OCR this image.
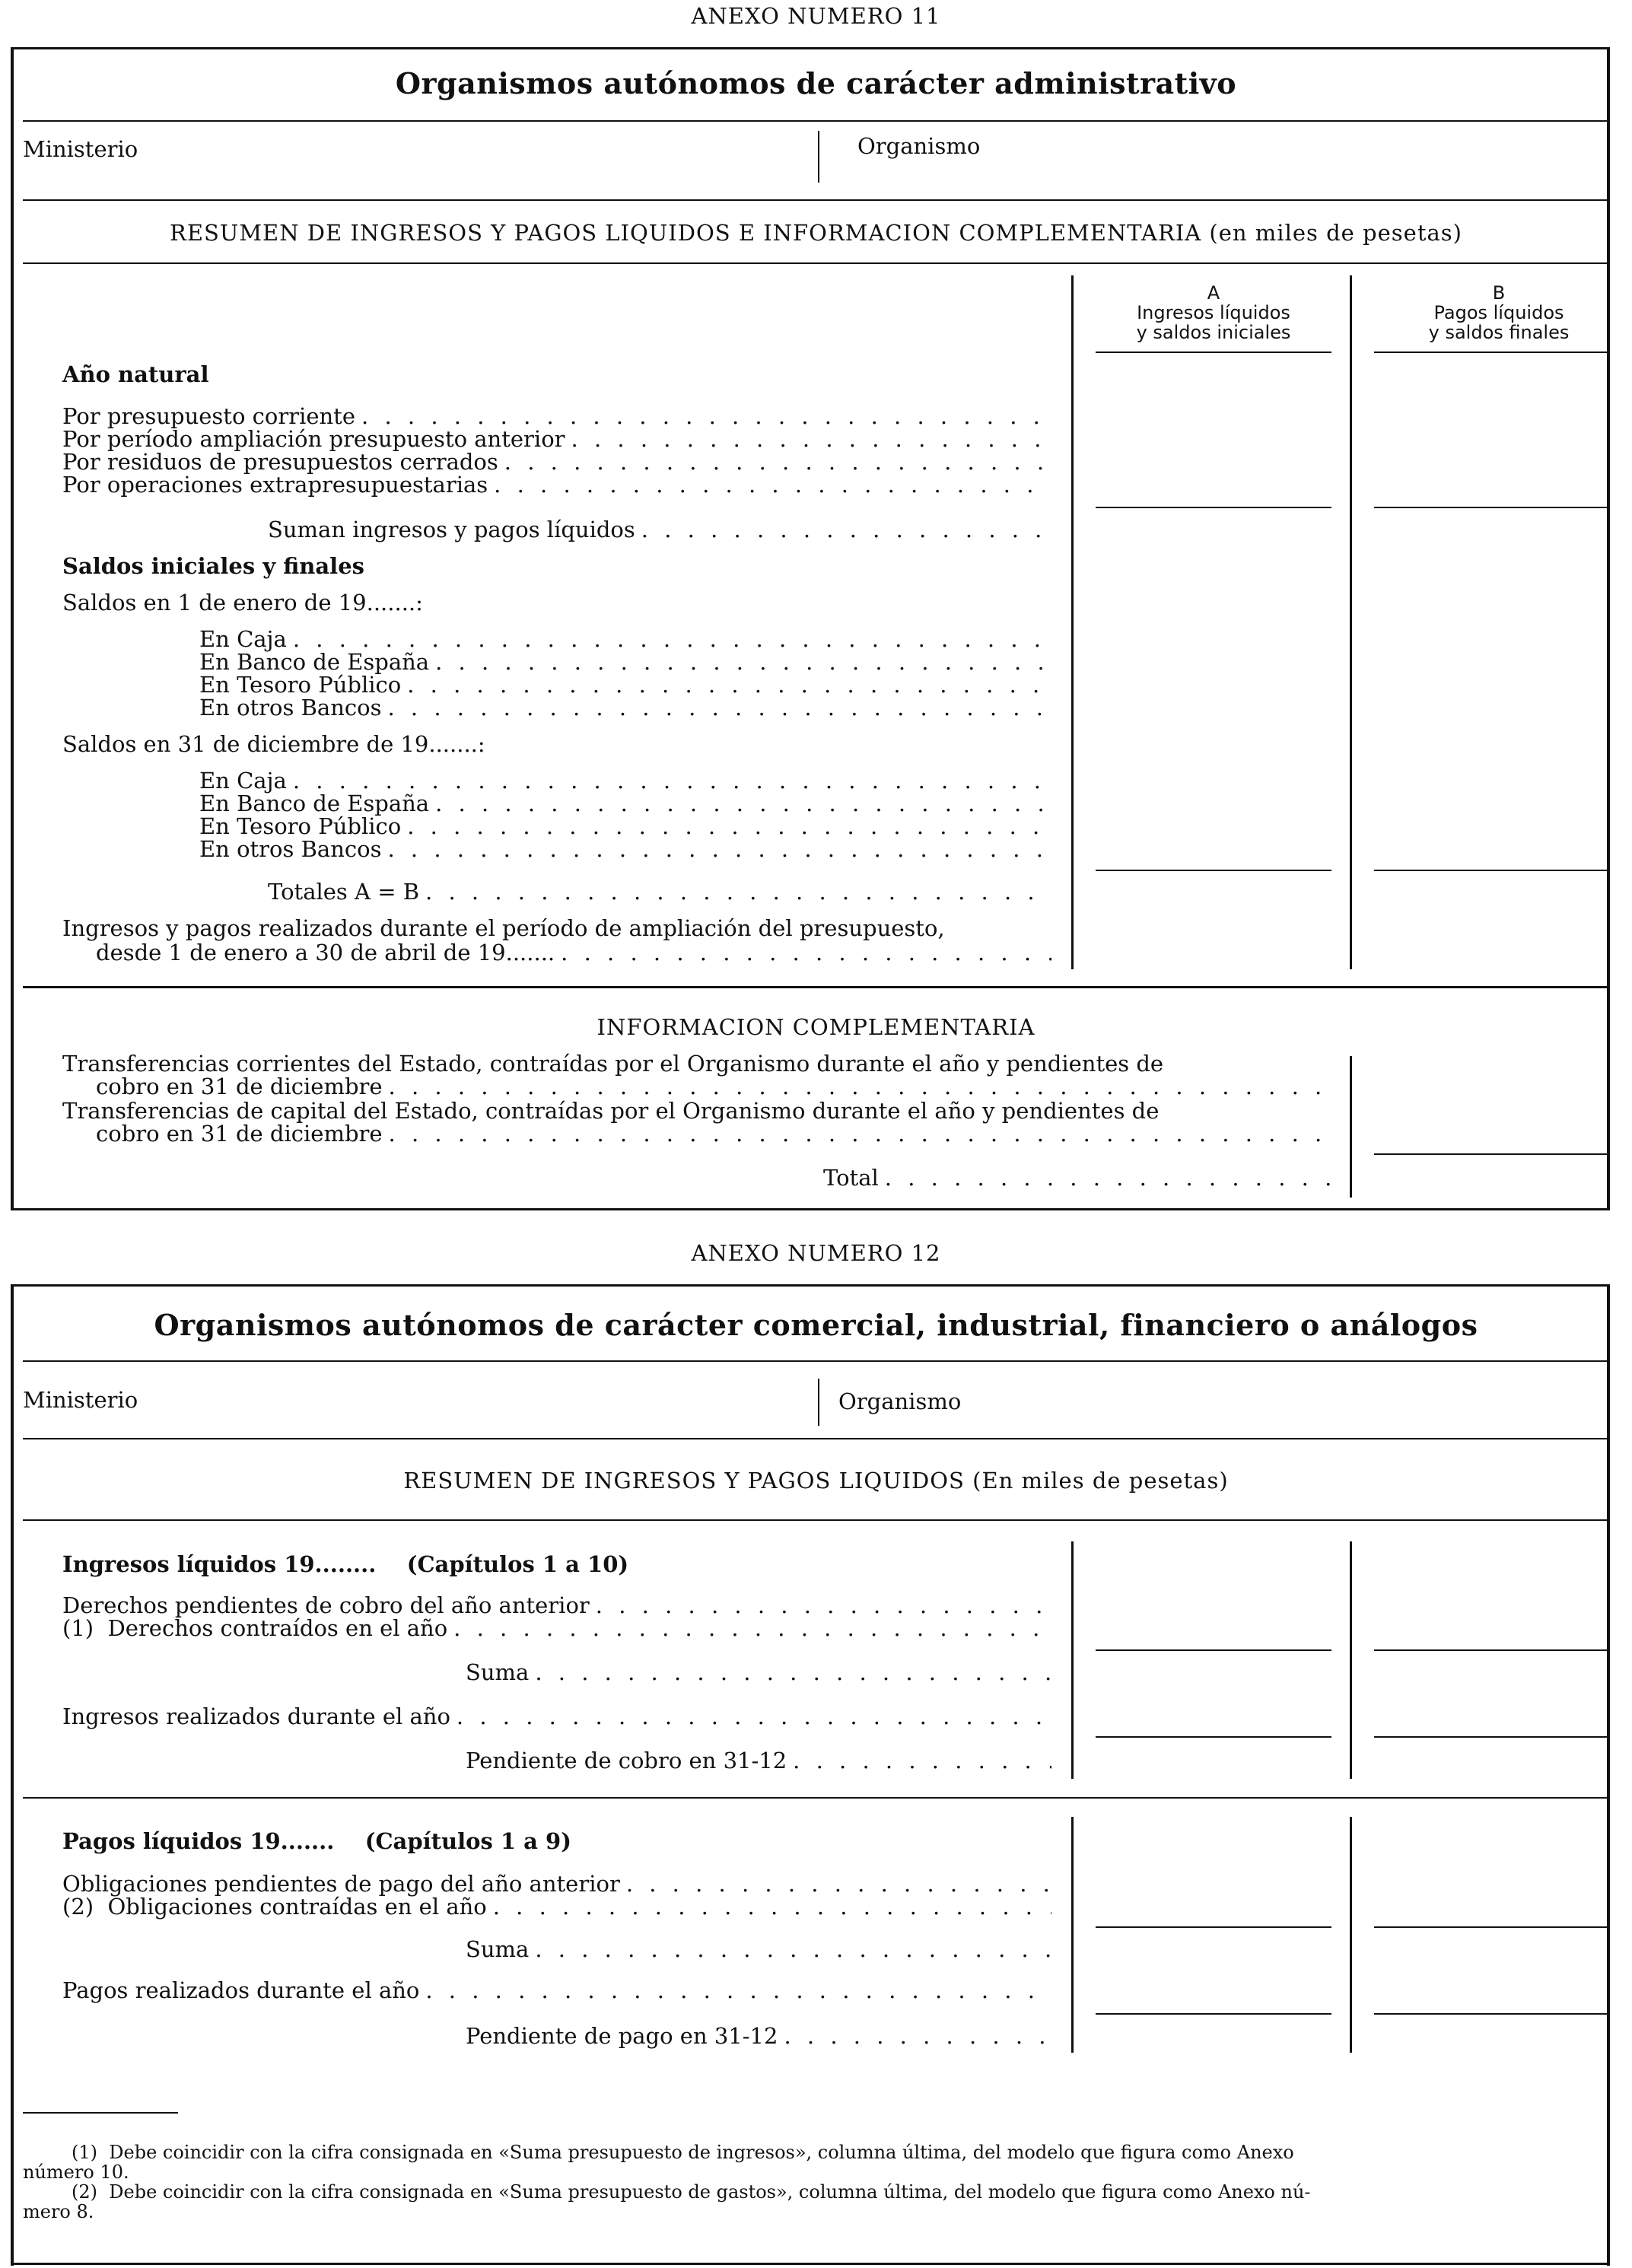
ANEXO NUMERO 11
Organismos autónomos de carácter administrativo
Ministerio	Organismo
RESUMEN DE INGRESOS Y PAGOS LIQUIDOS E INFORMACION COMPLEMENTARIA (en miles de pesetas)
A
Ingresos líquidos
y saldos iniciales
B
Pagos líquidos
y saldos finales
Año natural
Por presupuesto corriente
. . .
Por período ampliación presupuesto anterior
. . .
Por residuos de presupuestos cerrados
. . .
Por operaciones extrapresupuestarias
. . .
Suman ingresos y pagos líquidos
. . .
Saldos iniciales y finales
Saldos en 1 de enero de 19.......:
En Caja
. . .
En Banco de España
. . .
En Tesoro Público
. . .
En otros Bancos
. . .
Saldos en 31 de diciembre de 19.......:
En Caja
. . .
En Banco de España
. . .
En Tesoro Público
. . .
En otros Bancos
. . .
Totales A = B
. . .
Ingresos y pagos realizados durante el período de ampliación del presupuesto,
desde 1 de enero a 30 de abril de 19.......
. . .
INFORMACION COMPLEMENTARIA
Transferencias corrientes del Estado, contraídas por el Organismo durante el año y pendientes de
cobro en 31 de diciembre
. . .
Transferencias de capital del Estado, contraídas por el Organismo durante el año y pendientes de
cobro en 31 de diciembre
. . .
Total
. . .
ANEXO NUMERO 12
Organismos autónomos de carácter comercial, industrial, financiero o análogos
Ministerio	Organismo
RESUMEN DE INGRESOS Y PAGOS LIQUIDOS (En miles de pesetas)
Ingresos líquidos 19........ (Capítulos 1 a 10)
Derechos pendientes de cobro del año anterior
. . .
(1) Derechos contraídos en el año
. . .
Suma
. . .
Ingresos realizados durante el año
. . .
Pendiente de cobro en 31-12
. . .
Pagos líquidos 19....... (Capítulos 1 a 9)
Obligaciones pendientes de pago del año anterior
. . .
(2) Obligaciones contraídas en el año
. . .
Suma
. . .
Pagos realizados durante el año
. . .
Pendiente de pago en 31-12
. . .
(1) Debe coincidir con la cifra consignada en «Suma presupuesto de ingresos», columna última, del modelo que figura como Anexo
número 10.
(2) Debe coincidir con la cifra consignada en «Suma presupuesto de gastos», columna última, del modelo que figura como Anexo nú-
mero 8.
